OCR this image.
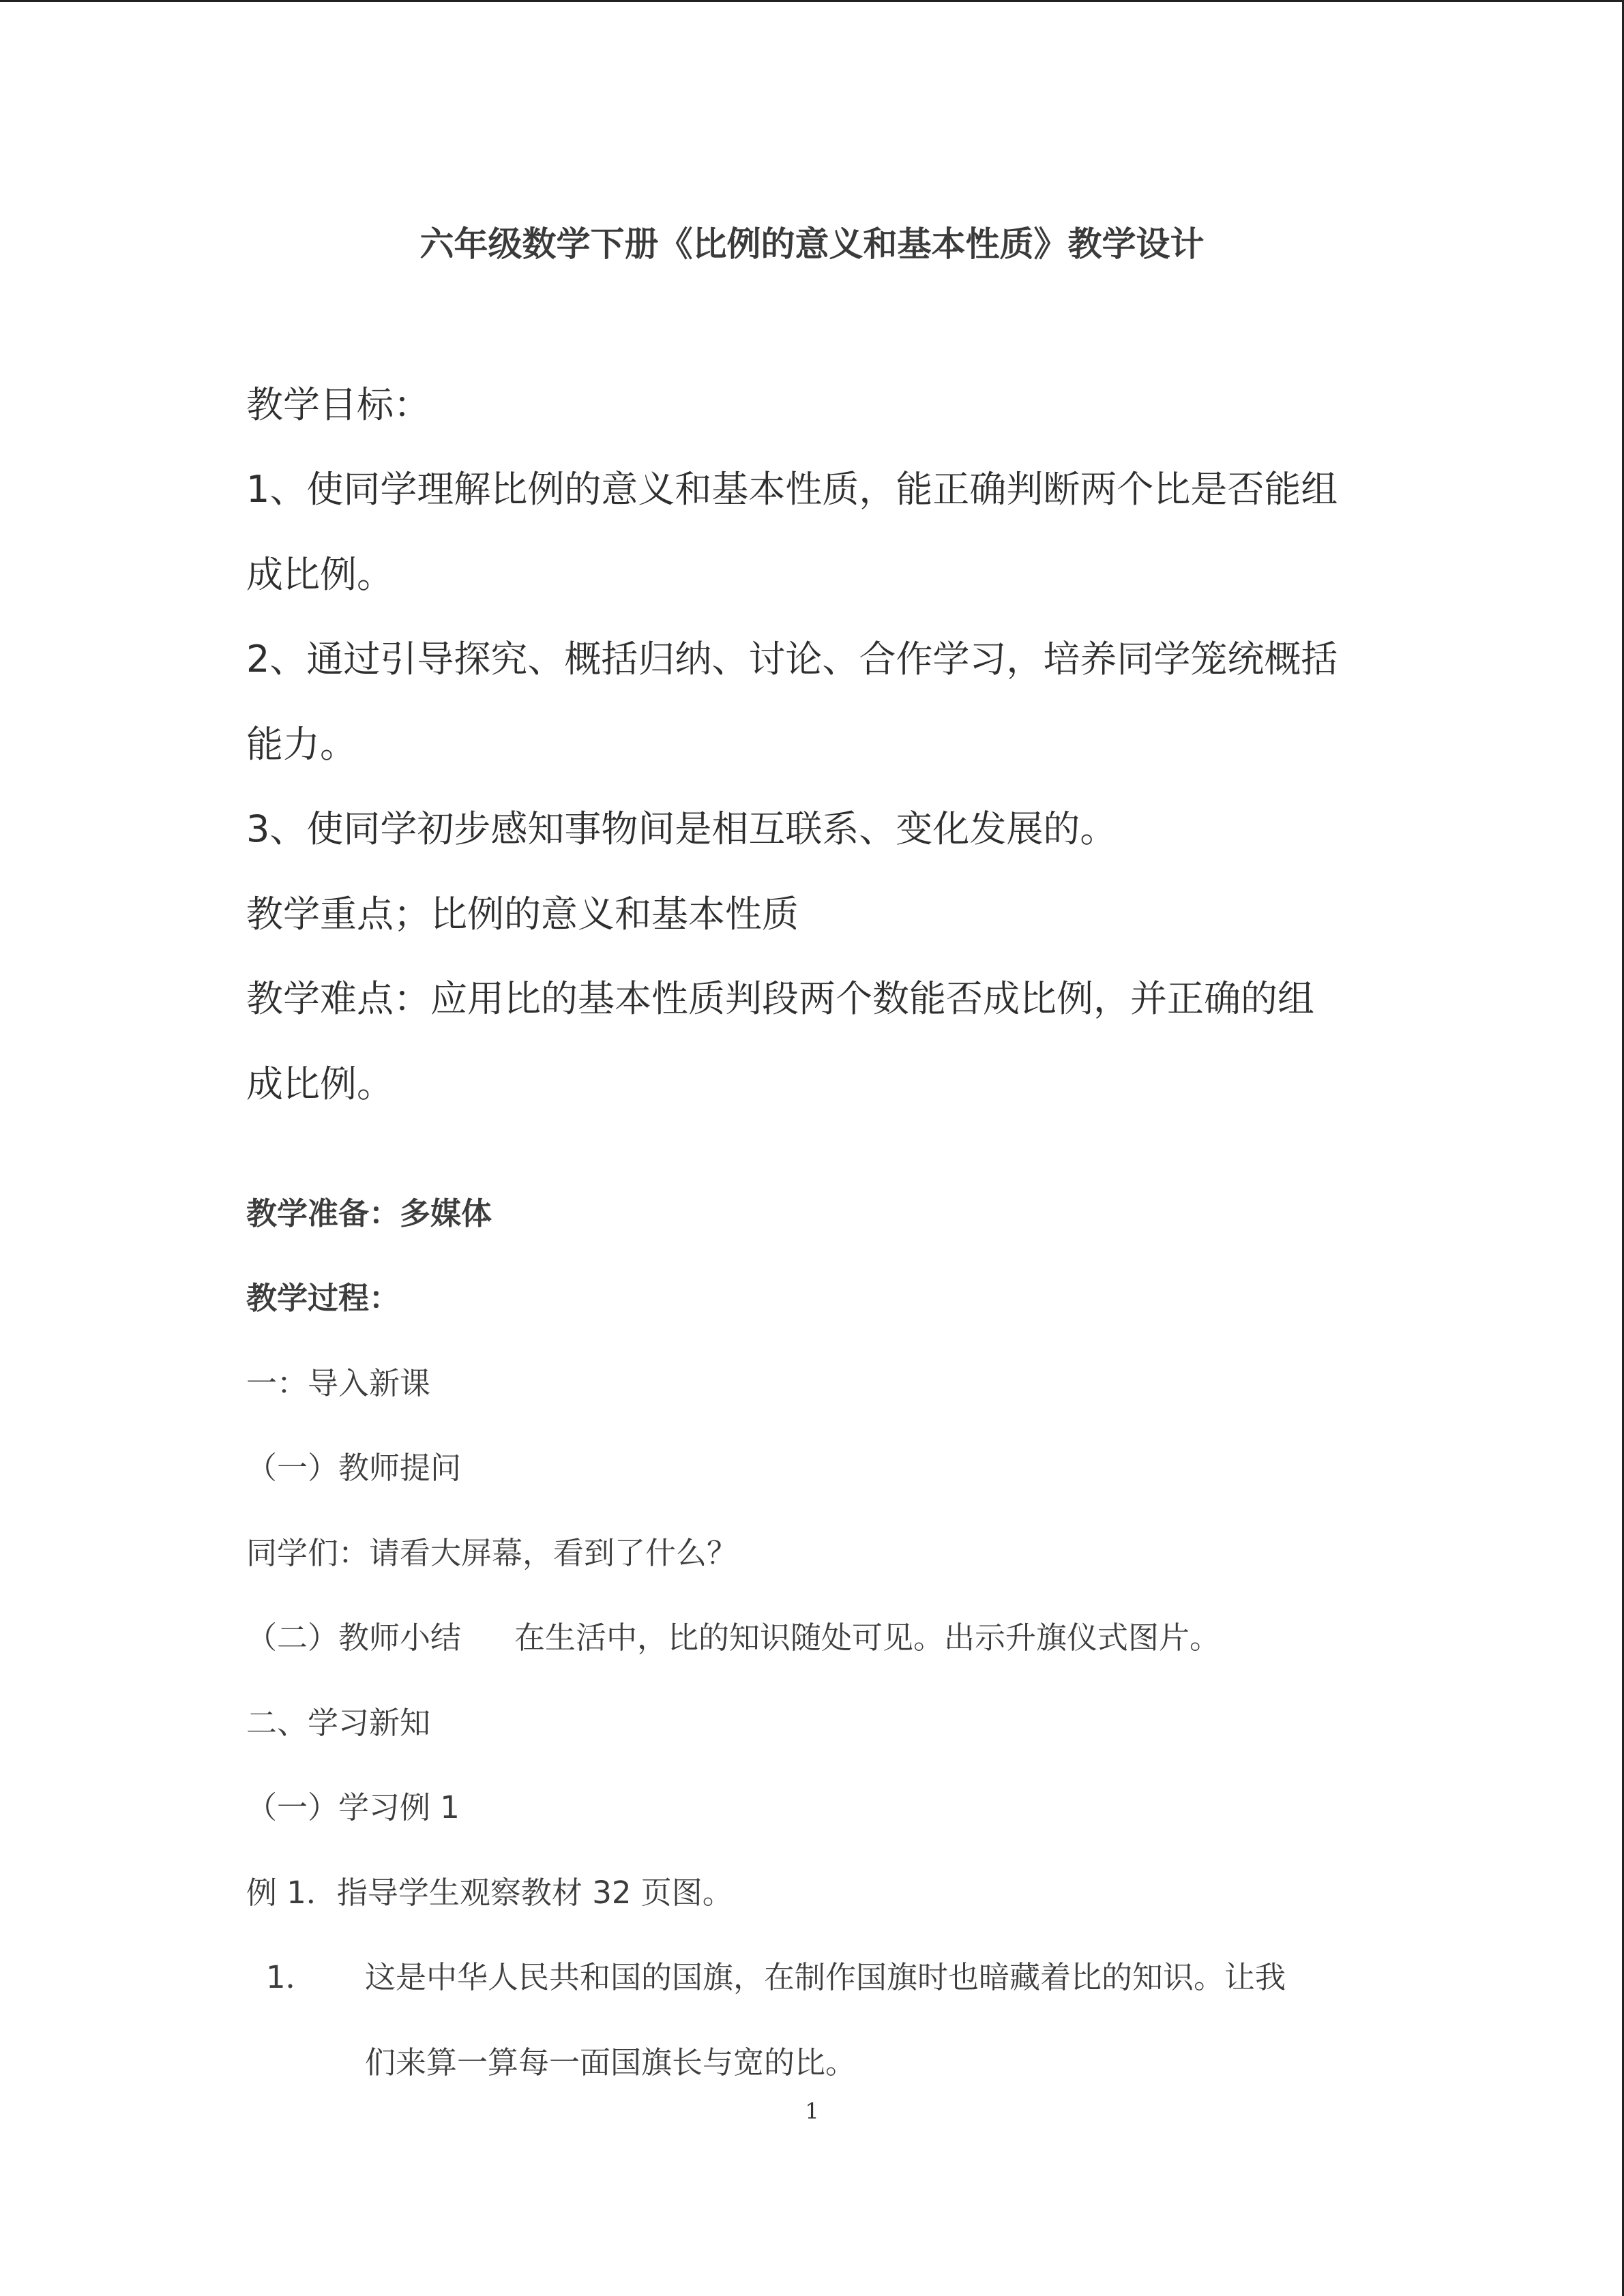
六年级数学下册《比例的意义和基本性质》教学设计
教学目标：
1、使同学理解比例的意义和基本性质，能正确判断两个比是否能组
成比例。
2、通过引导探究、概括归纳、讨论、合作学习，培养同学笼统概括
能力。
3、使同学初步感知事物间是相互联系、变化发展的。
教学重点；比例的意义和基本性质
教学难点：应用比的基本性质判段两个数能否成比例，并正确的组
成比例。
教学准备：多媒体
教学过程：
一：导入新课
（一）教师提问
同学们：请看大屏幕，看到了什么？
（二）教师小结 在生活中，比的知识随处可见。出示升旗仪式图片。
二、学习新知
（一）学习例 1
例 1．指导学生观察教材 32 页图。
1． 这是中华人民共和国的国旗，在制作国旗时也暗藏着比的知识。让我
们来算一算每一面国旗长与宽的比。
1
